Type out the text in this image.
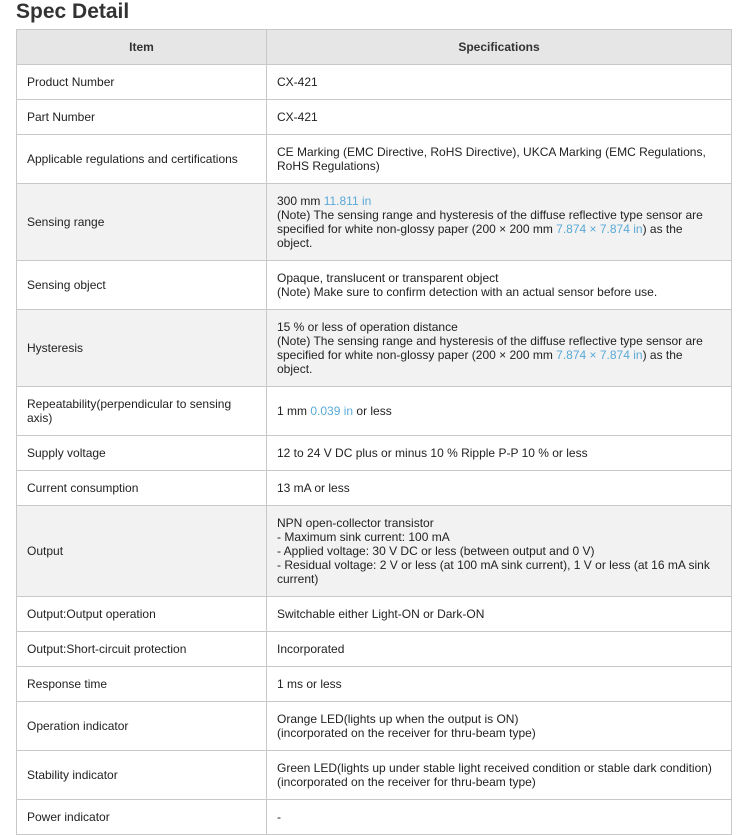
Spec Detail
Item	Specifications
Product Number	CX-421

Part Number	CX-421

Applicable regulations and certifications	CE Marking (EMC Directive, RoHS Directive), UKCA Marking (EMC Regulations, RoHS Regulations)

Sensing range	300 mm 11.811 in
(Note) The sensing range and hysteresis of the diffuse reflective type sensor are specified for white non-glossy paper (200 × 200 mm 7.874 × 7.874 in) as the object.

Sensing object	Opaque, translucent or transparent object
(Note) Make sure to confirm detection with an actual sensor before use.

Hysteresis	15 % or less of operation distance
(Note) The sensing range and hysteresis of the diffuse reflective type sensor are specified for white non-glossy paper (200 × 200 mm 7.874 × 7.874 in) as the object.

Repeatability(perpendicular to sensing axis)	1 mm 0.039 in or less

Supply voltage	12 to 24 V DC plus or minus 10 % Ripple P-P 10 % or less

Current consumption	13 mA or less

Output	NPN open-collector transistor
- Maximum sink current: 100 mA
- Applied voltage: 30 V DC or less (between output and 0 V)
- Residual voltage: 2 V or less (at 100 mA sink current), 1 V or less (at 16 mA sink current)

Output:Output operation	Switchable either Light-ON or Dark-ON

Output:Short-circuit protection	Incorporated

Response time	1 ms or less

Operation indicator	Orange LED(lights up when the output is ON)
(incorporated on the receiver for thru-beam type)

Stability indicator	Green LED(lights up under stable light received condition or stable dark condition)
(incorporated on the receiver for thru-beam type)

Power indicator	-
